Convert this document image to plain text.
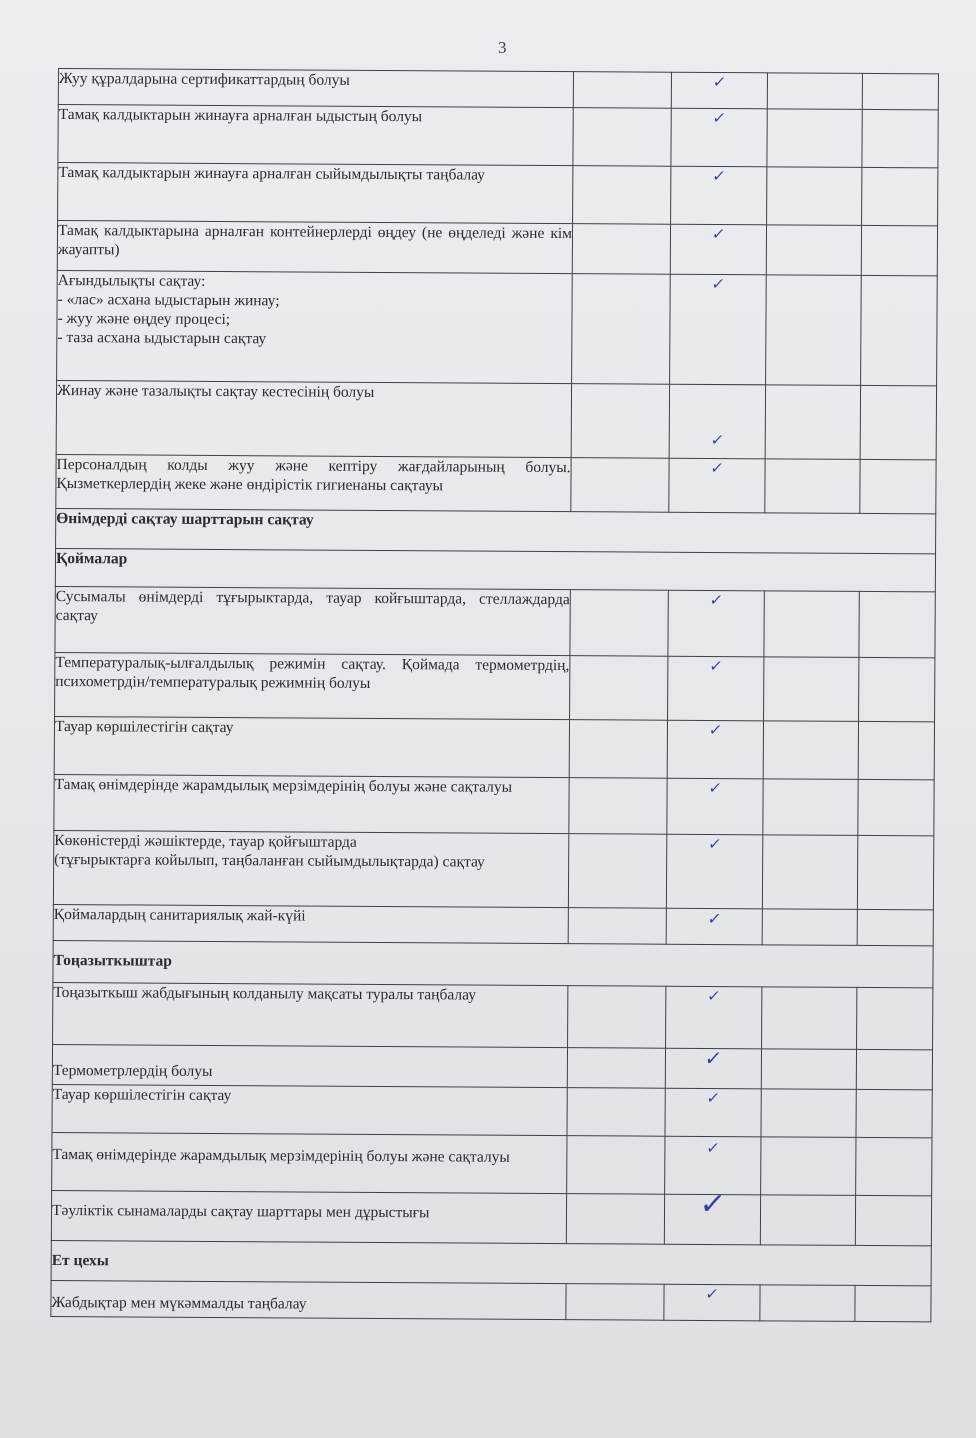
3
Жуу құралдарына сертификаттардың болуы		✓		
Тамақ калдыктарын жинауға арналған ыдыстың болуы		✓		
Тамақ калдыктарын жинауға арналған сыйымдылықты таңбалау		✓		
Тамақ калдыктарына арналған контейнерлерді өңдеу (не өңделеді және кім жауапты)		✓		

Ағындылықты сақтау:
- «лас» асхана ыдыстарын жинау;
- жуу және өңдеу процесі;
- таза асхана ыдыстарын сақтау		✓		
Жинау және тазалықты сақтау кестесінің болуы		✓		
Персоналдың колды жуу және кептіру жағдайларының болуы. Қызметкерлердің жеке және өндірістік гигиенаны сақтауы		✓		
Өнімдерді сақтау шарттарын сақтау				
Қоймалар				
Сусымалы өнімдерді тұғырыктарда, тауар койғыштарда, стеллаждарда сақтау		✓		
Температуралық-ылғалдылық режимін сақтау. Қоймада термометрдің, психометрдін/температуралық режимнің болуы		✓		
Тауар көршілестігін сақтау		✓		
Тамақ өнімдерінде жарамдылық мерзімдерінің болуы және сақталуы		✓		

Көкөністерді жәшіктерде, тауар қойғыштарда
(тұғырыктарға койылып, таңбаланған сыйымдылықтарда) сақтау		✓		
Қоймалардың санитариялық жай-күйі		✓		
Тоңазыткыштар				
Тоңазыткыш жабдығының колданылу мақсаты туралы таңбалау		✓		
Термометрлердің болуы		✓		
Тауар көршілестігін сақтау		✓		
Тамақ өнімдерінде жарамдылық мерзімдерінің болуы және сақталуы		✓		
Тәуліктік сынамаларды сақтау шарттары мен дұрыстығы		✓		
Ет цехы				
Жабдықтар мен мүкәммалды таңбалау		✓		
